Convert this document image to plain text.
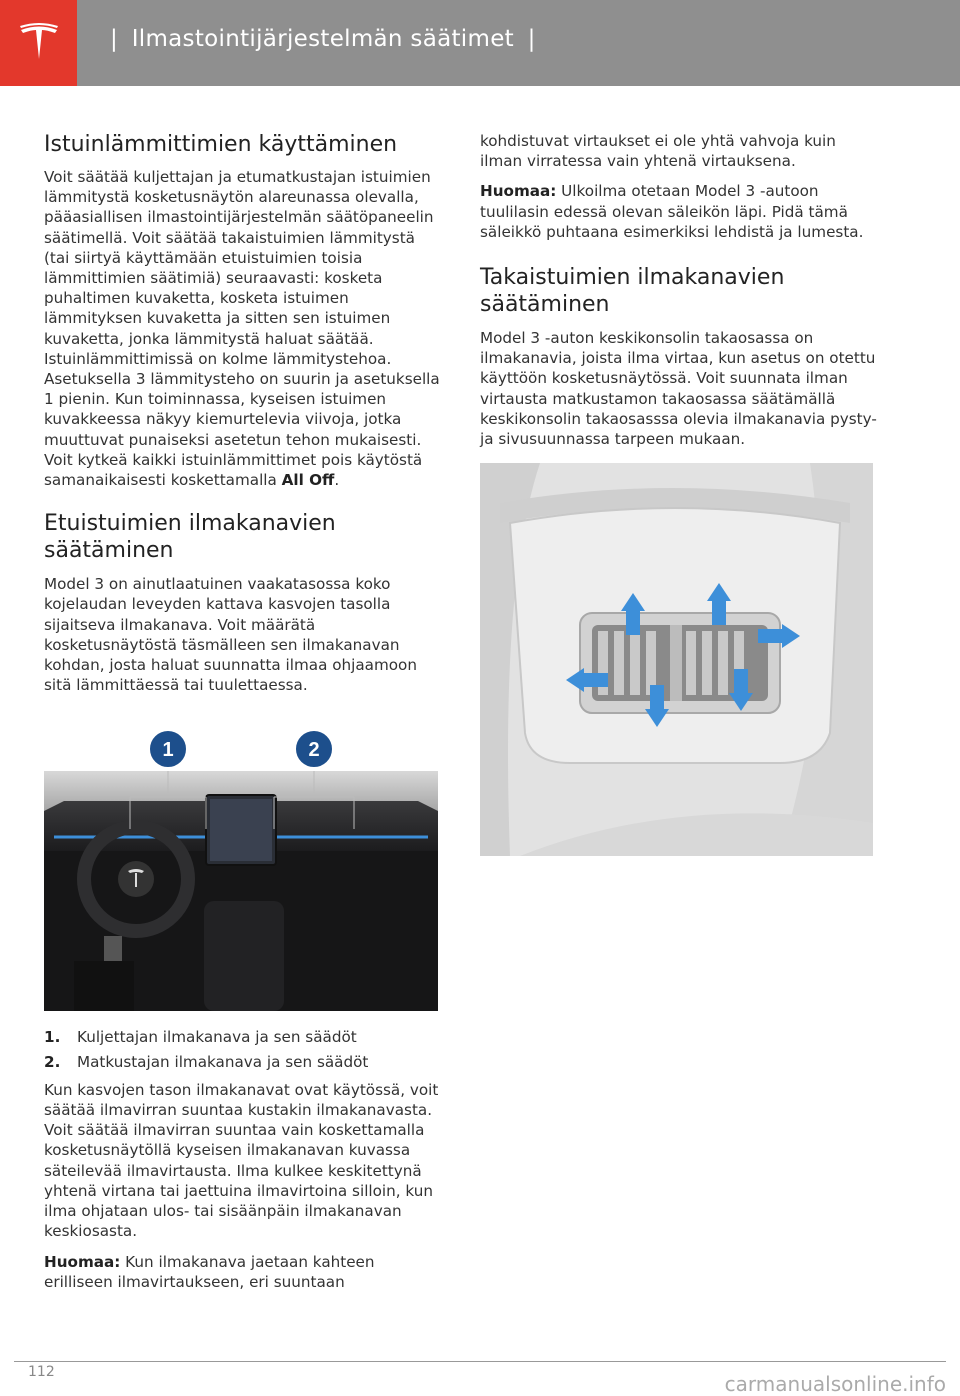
| Ilmastointijärjestelmän säätimet |
Istuinlämmittimien käyttäminen

Voit säätää kuljettajan ja etumatkustajan istuimien lämmitystä kosketusnäytön alareunassa olevalla, pääasiallisen ilmastointijärjestelmän säätöpaneelin säätimellä. Voit säätää takaistuimien lämmitystä (tai siirtyä käyttämään etuistuimien toisia lämmittimien säätimiä) seuraavasti: kosketa puhaltimen kuvaketta, kosketa istuimen lämmityksen kuvaketta ja sitten sen istuimen kuvaketta, jonka lämmitystä haluat säätää. Istuinlämmittimissä on kolme lämmitystehoa. Asetuksella 3 lämmitysteho on suurin ja asetuksella 1 pienin. Kun toiminnassa, kyseisen istuimen kuvakkeessa näkyy kiemurtelevia viivoja, jotka muuttuvat punaiseksi asetetun tehon mukaisesti. Voit kytkeä kaikki istuinlämmittimet pois käytöstä samanaikaisesti koskettamalla All Off.

Etuistuimien ilmakanavien säätäminen

Model 3 on ainutlaatuinen vaakatasossa koko kojelaudan leveyden kattava kasvojen tasolla sijaitseva ilmakanava. Voit määrätä kosketusnäytöstä täsmälleen sen ilmakanavan kohdan, josta haluat suunnatta ilmaa ohjaamoon sitä lämmittäessä tai tuulettaessa.

1	2
1.	Kuljettajan ilmakanava ja sen säädöt
2.	Matkustajan ilmakanava ja sen säädöt

Kun kasvojen tason ilmakanavat ovat käytössä, voit säätää ilmavirran suuntaa kustakin ilmakanavasta. Voit säätää ilmavirran suuntaa vain koskettamalla kosketusnäytöllä kyseisen ilmakanavan kuvassa säteilevää ilmavirtausta. Ilma kulkee keskitettynä yhtenä virtana tai jaettuina ilmavirtoina silloin, kun ilma ohjataan ulos- tai sisäänpäin ilmakanavan keskiosasta.

Huomaa: Kun ilmakanava jaetaan kahteen erilliseen ilmavirtaukseen, eri suuntaan

kohdistuvat virtaukset ei ole yhtä vahvoja kuin ilman virratessa vain yhtenä virtauksena.

Huomaa: Ulkoilma otetaan Model 3 -autoon tuulilasin edessä olevan säleikön läpi. Pidä tämä säleikkö puhtaana esimerkiksi lehdistä ja lumesta.

Takaistuimien ilmakanavien säätäminen

Model 3 -auton keskikonsolin takaosassa on ilmakanavia, joista ilma virtaa, kun asetus on otettu käyttöön kosketusnäytössä. Voit suunnata ilman virtausta matkustamon takaosassa säätämällä keskikonsolin takaosasssa olevia ilmakanavia pysty- ja sivusuunnassa tarpeen mukaan.

112	carmanualsonline.info
